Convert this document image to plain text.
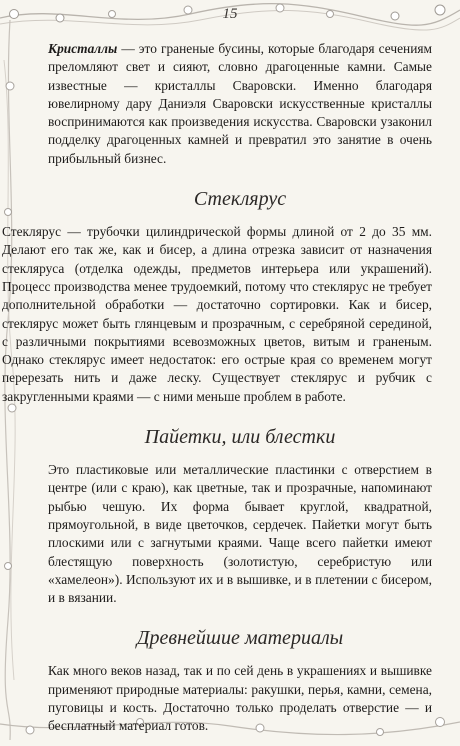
15

Кристаллы — это граненые бусины, которые благодаря сечениям преломляют свет и сияют, словно драгоценные камни. Самые известные — кристаллы Сваровски. Именно благодаря ювелирному дару Даниэля Сваровски искусственные кристаллы воспринимаются как произведения искусства. Сваровски узаконил подделку драгоценных камней и превратил это занятие в очень прибыльный бизнес.

Стеклярус

Стеклярус — трубочки цилиндрической формы длиной от 2 до 35 мм. Делают его так же, как и бисер, а длина отрезка зависит от назначения стекляруса (отделка одежды, предметов интерьера или украшений). Процесс производства менее трудоемкий, потому что стеклярус не требует дополнительной обработки — достаточно сортировки. Как и бисер, стеклярус может быть глянцевым и прозрачным, с серебряной серединой, с различными покрытиями всевозможных цветов, витым и граненым. Однако стеклярус имеет недостаток: его острые края со временем могут перерезать нить и даже леску. Существует стеклярус и рубчик с закругленными краями — с ними меньше проблем в работе.

Пайетки, или блестки

Это пластиковые или металлические пластинки с отверстием в центре (или с краю), как цветные, так и прозрачные, напоминают рыбью чешую. Их форма бывает круглой, квадратной, прямоугольной, в виде цветочков, сердечек. Пайетки могут быть плоскими или с загнутыми краями. Чаще всего пайетки имеют блестящую поверхность (золотистую, серебристую или «хамелеон»). Используют их и в вышивке, и в плетении с бисером, и в вязании.

Древнейшие материалы

Как много веков назад, так и по сей день в украшениях и вышивке применяют природные материалы: ракушки, перья, камни, семена, пуговицы и кость. Достаточно только проделать отверстие — и бесплатный материал готов.
